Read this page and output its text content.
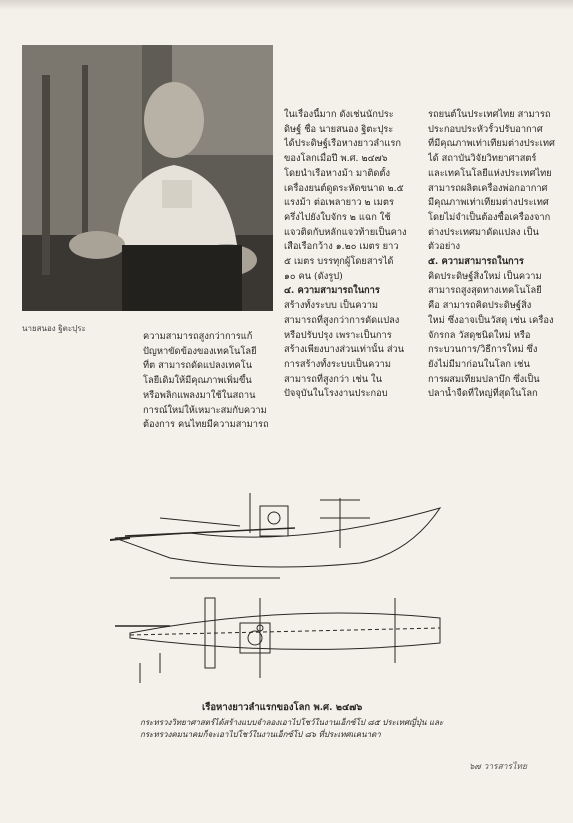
นายสนอง ฐิตะปุระ
ความสามารถสูงกว่าการแก้
ปัญหาขัดข้องของเทคโนโลยี
ที่ต สามารถดัดแปลงเทคโน
โลยีเดิมให้มีคุณภาพเพิ่มขึ้น
หรือพลิกแพลงมาใช้ในสถาน
การณ์ใหม่ให้เหมาะสมกับความ
ต้องการ คนไทยมีความสามารถ
ในเรื่องนี้มาก ดังเช่นนักประ
ดิษฐ์ ชื่อ นายสนอง ฐิตะปุระ
ได้ประดิษฐ์เรือหางยาวลำแรก
ของโลกเมื่อปี พ.ศ. ๒๔๗๖
โดยนำเรือหางม้า มาติดตั้ง
เครื่องยนต์ดูดระหัดขนาด ๒.๕
แรงม้า ต่อเพลายาว ๒ เมตร
ครึ่งไปยังใบจักร ๒ แฉก ใช้
แจวติดกับหลักแจวท้ายเป็นคาง
เสือเรือกว้าง ๑.๒๐ เมตร ยาว
๕ เมตร บรรทุกผู้โดยสารได้
๑๐ คน (ดังรูป)
๔. ความสามารถในการ
สร้างทั้งระบบ เป็นความ
สามารถที่สูงกว่าการดัดแปลง
หรือปรับปรุง เพราะเป็นการ
สร้างเพียงบางส่วนเท่านั้น ส่วน
การสร้างทั้งระบบเป็นความ
สามารถที่สูงกว่า เช่น ใน
ปัจจุบันในโรงงานประกอบ
รถยนต์ในประเทศไทย สามารถ
ประกอบประหัวรั้วปรับอากาศ
ที่มีคุณภาพเท่าเทียมต่างประเทศ
ได้ สถาบันวิจัยวิทยาศาสตร์
และเทคโนโลยีแห่งประเทศไทย
สามารถผลิตเครื่องพ่อกอากาศ
มีคุณภาพเท่าเทียมต่างประเทศ
โดยไม่จำเป็นต้องซื้อเครื่องจาก
ต่างประเทศมาดัดแปลง เป็น
ตัวอย่าง
๕. ความสามารถในการ
คิดประดิษฐ์สิ่งใหม่ เป็นความ
สามารถสูงสุดทางเทคโนโลยี
คือ สามารถคิดประดิษฐ์สิ่ง
ใหม่ ซึ่งอาจเป็นวัสดุ เช่น เครื่อง
จักรกล วัสดุชนิดใหม่ หรือ
กระบวนการ/วิธีการใหม่ ซึ่ง
ยังไม่มีมาก่อนในโลก เช่น
การผสมเทียมปลาบึก ซึ่งเป็น
ปลาน้ำจืดที่ใหญ่ที่สุดในโลก
เรือหางยาวลำแรกของโลก พ.ศ. ๒๔๗๖
กระทรวงวิทยาศาสตร์ได้สร้างแบบจำลองเอาไปโชว์ในงานเอ็กซ์โป ๘๕ ประเทศญี่ปุ่น และ
กระทรวงคมนาคมก็จะเอาไปโชว์ในงานเอ็กซ์โป ๘๖ ที่ประเทศแคนาดา
๖๗ วารสารไทย
